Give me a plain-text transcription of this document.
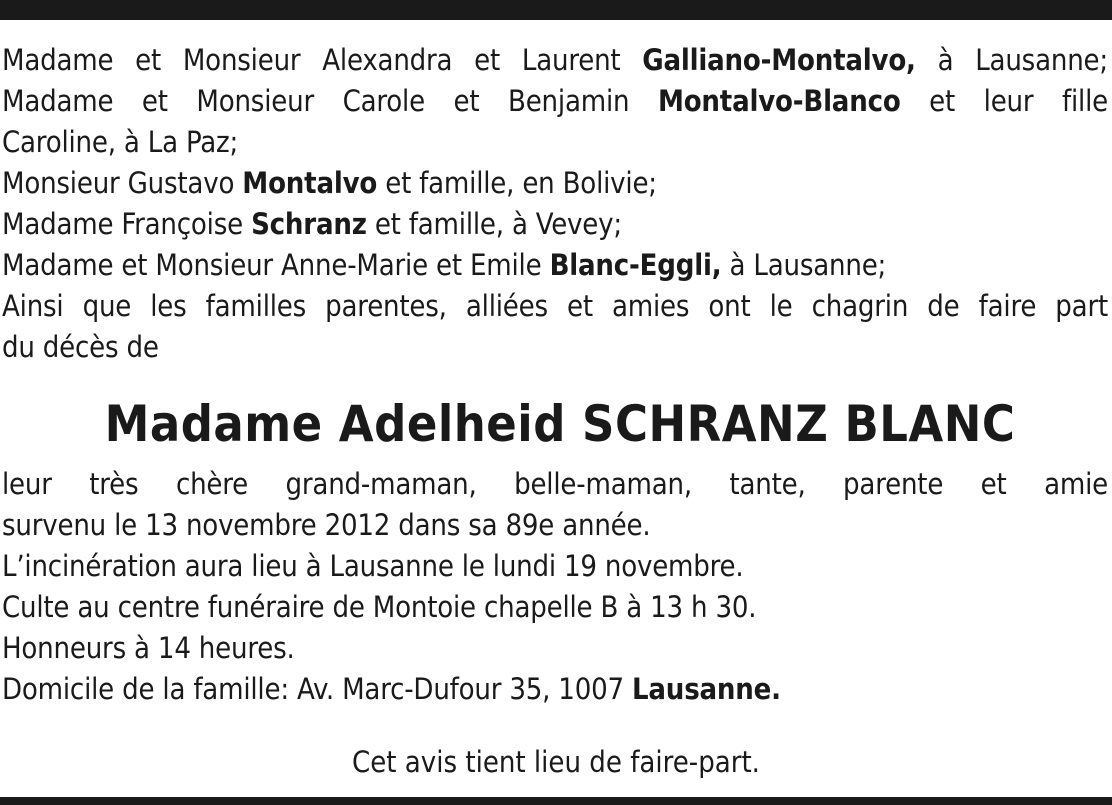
Madame et Monsieur Alexandra et Laurent Galliano-Montalvo, à Lausanne;
Madame et Monsieur Carole et Benjamin Montalvo-Blanco et leur fille
Caroline, à La Paz;
Monsieur Gustavo Montalvo et famille, en Bolivie;
Madame Françoise Schranz et famille, à Vevey;
Madame et Monsieur Anne-Marie et Emile Blanc-Eggli, à Lausanne;
Ainsi que les familles parentes, alliées et amies ont le chagrin de faire part
du décès de
Madame Adelheid SCHRANZ BLANC
leur très chère grand-maman, belle-maman, tante, parente et amie
survenu le 13 novembre 2012 dans sa 89e année.
L’incinération aura lieu à Lausanne le lundi 19 novembre.
Culte au centre funéraire de Montoie chapelle B à 13 h 30.
Honneurs à 14 heures.
Domicile de la famille: Av. Marc-Dufour 35, 1007 Lausanne.
Cet avis tient lieu de faire-part.
